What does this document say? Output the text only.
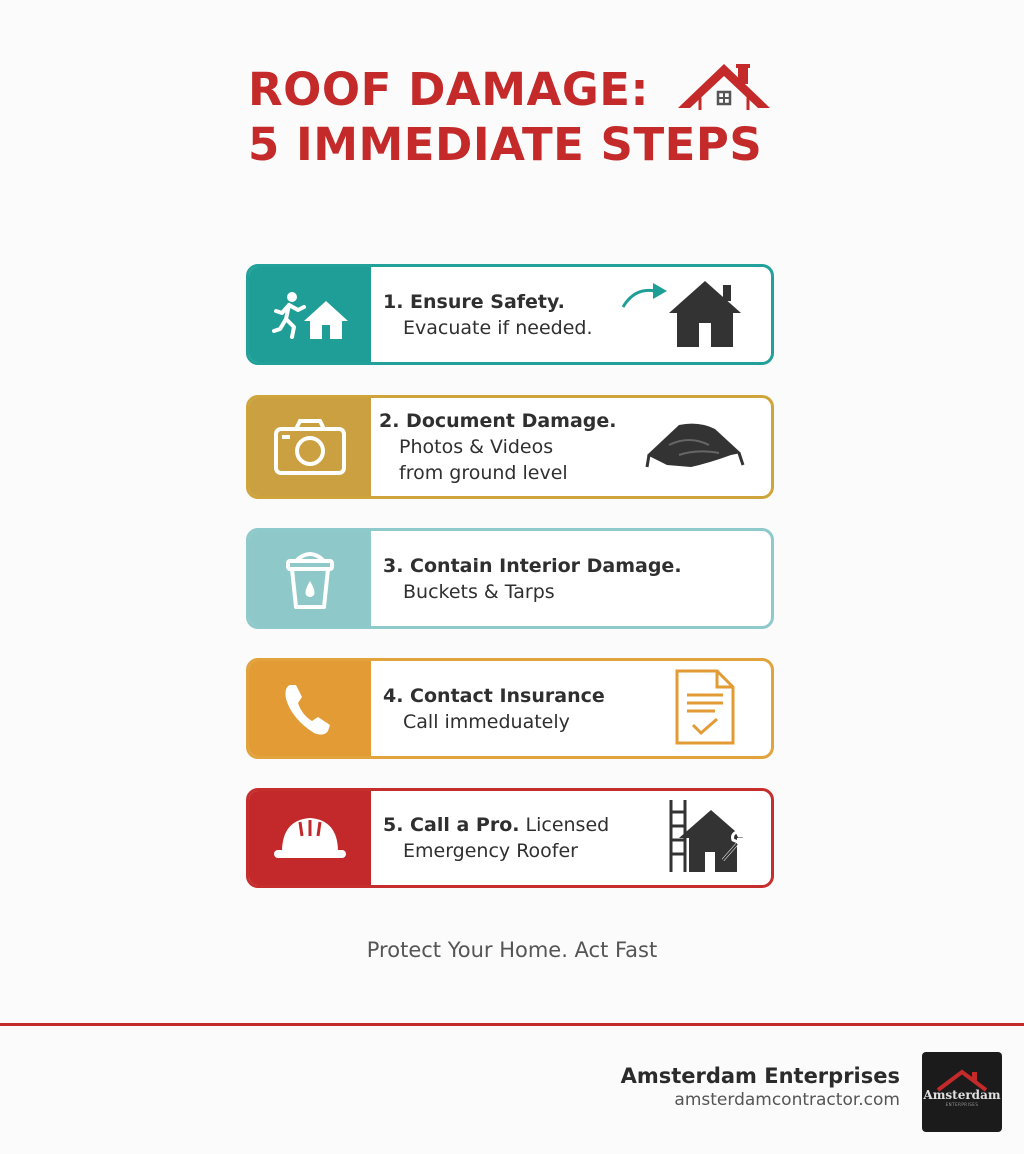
ROOF DAMAGE:
5 IMMEDIATE STEPS
1. Ensure Safety.
Evacuate if needed.
2. Document Damage.
Photos & Videos
from ground level
3. Contain Interior Damage.
Buckets & Tarps
4. Contact Insurance
Call immeduately
5. Call a Pro. Licensed
Emergency Roofer
Protect Your Home. Act Fast
Amsterdam Enterprises
amsterdamcontractor.com Amsterdam
ENTERPRISES
